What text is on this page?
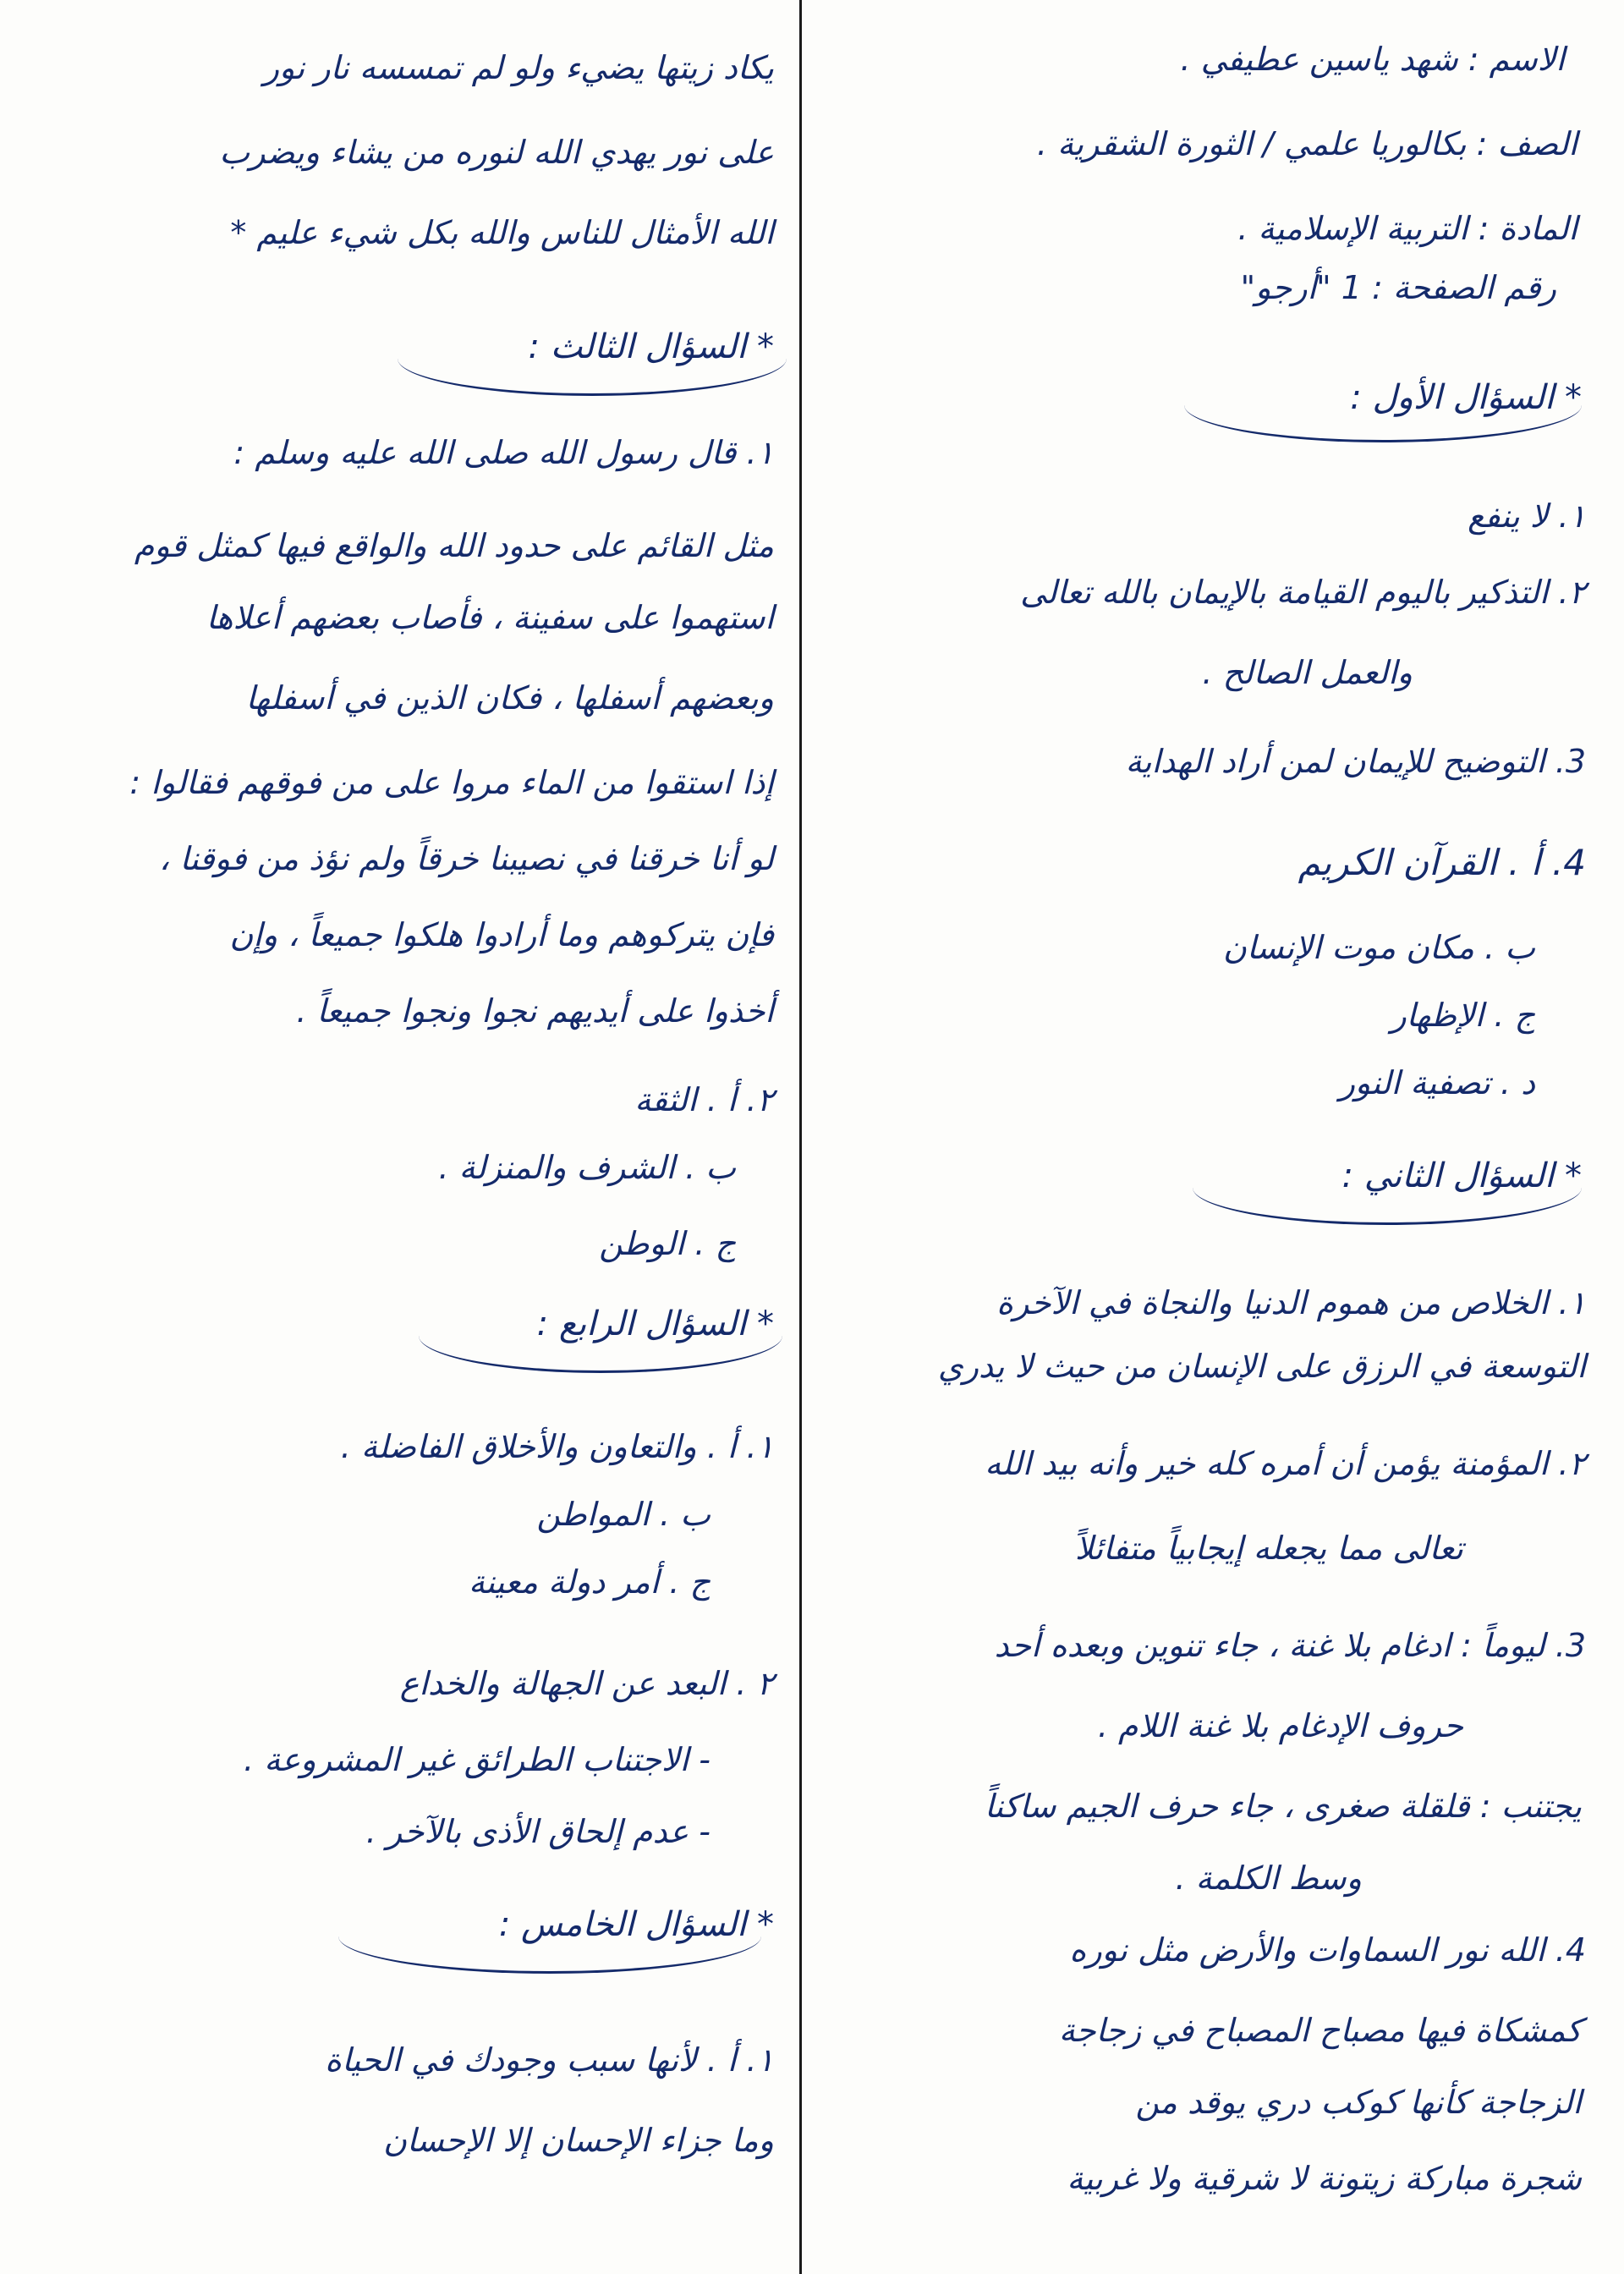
الاسم : شهد ياسين عطيفي .
الصف : بكالوريا علمي / الثورة الشقرية .
المادة : التربية الإسلامية .
رقم الصفحة : 1 "أرجو"
* السؤال الأول :
١. لا ينفع
٢. التذكير باليوم القيامة بالإيمان بالله تعالى
والعمل الصالح .
3. التوضيح للإيمان لمن أراد الهداية
4. أ . القرآن الكريم
ب . مكان موت الإنسان
ج . الإظهار
د . تصفية النور
* السؤال الثاني :
١. الخلاص من هموم الدنيا والنجاة في الآخرة
التوسعة في الرزق على الإنسان من حيث لا يدري
٢. المؤمنة يؤمن أن أمره كله خير وأنه بيد الله
تعالى مما يجعله إيجابياً متفائلاً
3. ليوماً : ادغام بلا غنة ، جاء تنوين وبعده أحد
حروف الإدغام بلا غنة اللام .
يجتنب : قلقلة صغرى ، جاء حرف الجيم ساكناً
وسط الكلمة .
4. الله نور السماوات والأرض مثل نوره
كمشكاة فيها مصباح المصباح في زجاجة
الزجاجة كأنها كوكب دري يوقد من
شجرة مباركة زيتونة لا شرقية ولا غربية
يكاد زيتها يضيء ولو لم تمسسه نار نور
على نور يهدي الله لنوره من يشاء ويضرب
الله الأمثال للناس والله بكل شيء عليم *
* السؤال الثالث :
١. قال رسول الله صلى الله عليه وسلم :
مثل القائم على حدود الله والواقع فيها كمثل قوم
استهموا على سفينة ، فأصاب بعضهم أعلاها
وبعضهم أسفلها ، فكان الذين في أسفلها
إذا استقوا من الماء مروا على من فوقهم فقالوا :
لو أنا خرقنا في نصيبنا خرقاً ولم نؤذ من فوقنا ،
فإن يتركوهم وما أرادوا هلكوا جميعاً ، وإن
أخذوا على أيديهم نجوا ونجوا جميعاً .
٢. أ . الثقة
ب . الشرف والمنزلة .
ج . الوطن
* السؤال الرابع :
١. أ . والتعاون والأخلاق الفاضلة .
ب . المواطن
ج . أمر دولة معينة
٢ . البعد عن الجهالة والخداع
- الاجتناب الطرائق غير المشروعة .
- عدم إلحاق الأذى بالآخر .
* السؤال الخامس :
١. أ . لأنها سبب وجودك في الحياة
وما جزاء الإحسان إلا الإحسان
